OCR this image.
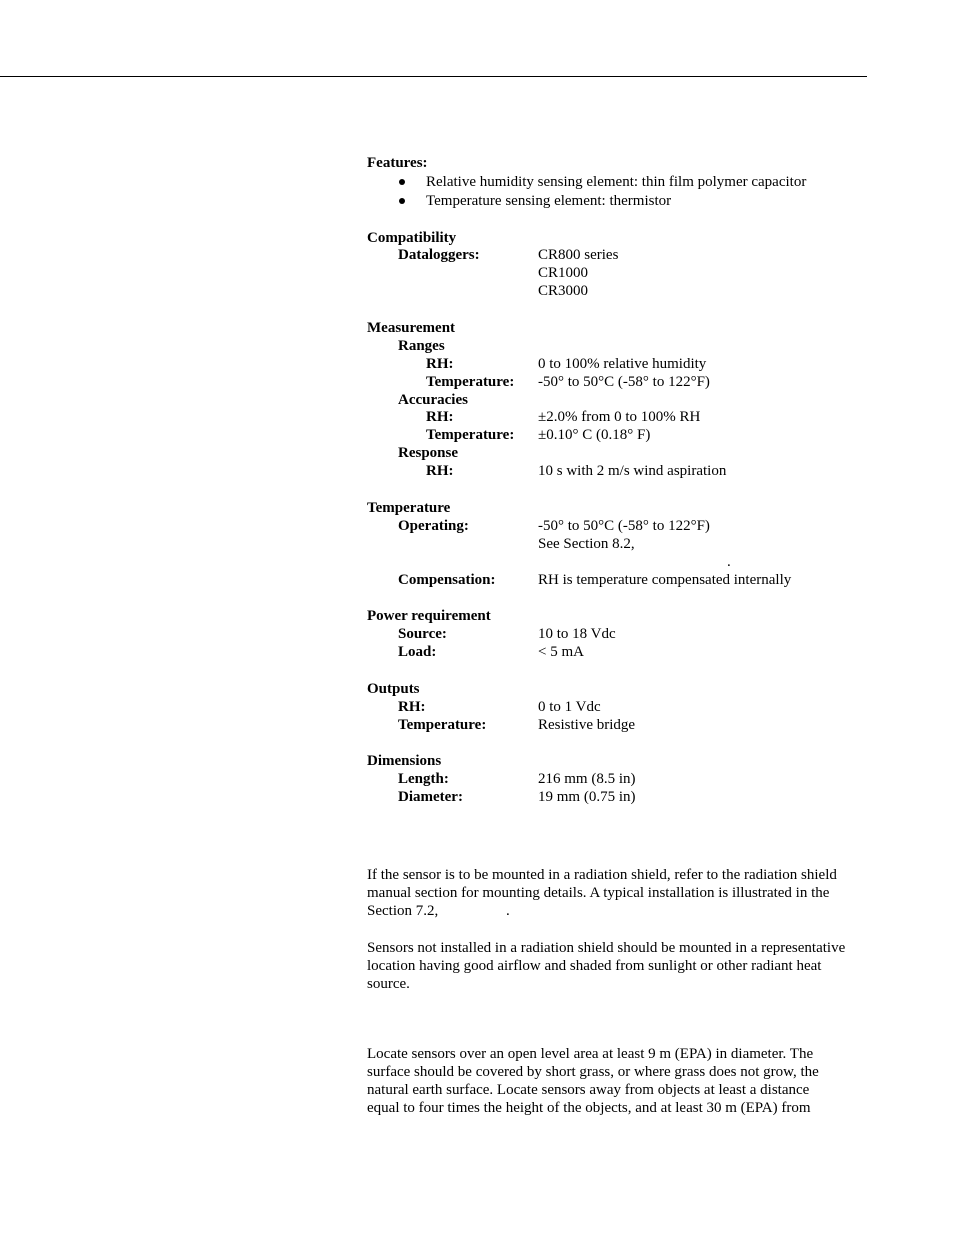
Features:
Relative humidity sensing element: thin film polymer capacitor
Temperature sensing element: thermistor
Compatibility
Dataloggers:	CR800 series
CR1000
CR3000
Measurement
Ranges
RH:	0 to 100% relative humidity
Temperature: -50° to 50°C (-58° to 122°F)
Accuracies
RH:	±2.0% from 0 to 100% RH
Temperature: ±0.10° C (0.18° F)
Response
RH:	10 s with 2 m/s wind aspiration
Temperature
Operating:	-50° to 50°C (-58° to 122°F)
See Section 8.2,
.
Compensation:	RH is temperature compensated internally
Power requirement
Source:	10 to 18 Vdc
Load:	< 5 mA
Outputs
RH:	0 to 1 Vdc
Temperature:	Resistive bridge
Dimensions
Length:	216 mm (8.5 in)
Diameter:	19 mm (0.75 in)
If the sensor is to be mounted in a radiation shield, refer to the radiation shield
manual section for mounting details. A typical installation is illustrated in the
Section 7.2,	.
Sensors not installed in a radiation shield should be mounted in a representative
location having good airflow and shaded from sunlight or other radiant heat
source.
Locate sensors over an open level area at least 9 m (EPA) in diameter. The
surface should be covered by short grass, or where grass does not grow, the
natural earth surface. Locate sensors away from objects at least a distance
equal to four times the height of the objects, and at least 30 m (EPA) from
